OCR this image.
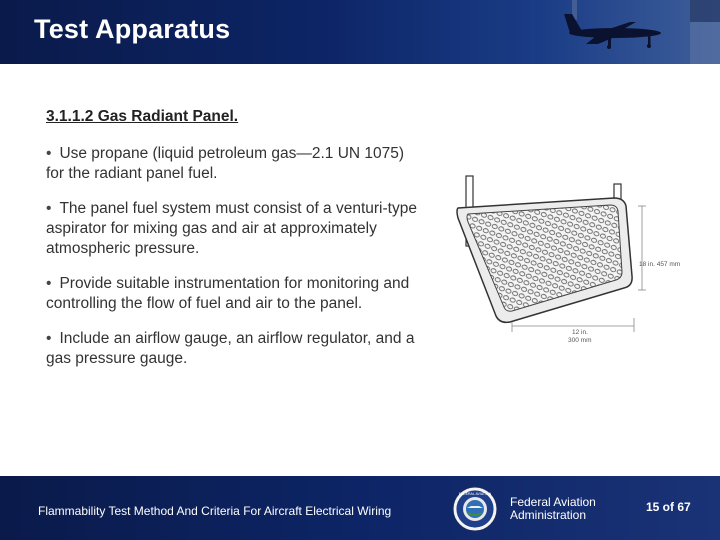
Test Apparatus
3.1.1.2 Gas Radiant Panel.
• Use propane (liquid petroleum gas—2.1 UN 1075) for the radiant panel fuel.
• The panel fuel system must consist of a venturi-type aspirator for mixing gas and air at approximately atmospheric pressure.
• Provide suitable instrumentation for monitoring and controlling the flow of fuel and air to the panel.
• Include an airflow gauge, an airflow regulator, and a gas pressure gauge.
18 in. 457 mm
12 in.
300 mm
Flammability Test Method And Criteria For Aircraft Electrical Wiring
FEDERAL AVIATION
Federal Aviation
Administration
15 of 67
